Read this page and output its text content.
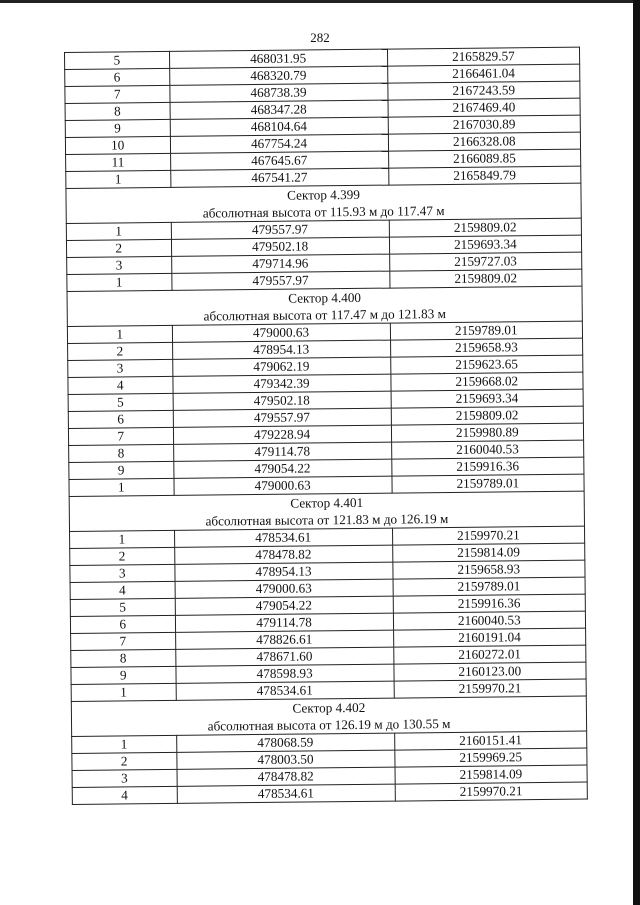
282
5	468031.95	2165829.57
6	468320.79	2166461.04
7	468738.39	2167243.59
8	468347.28	2167469.40
9	468104.64	2167030.89
10	467754.24	2166328.08
11	467645.67	2166089.85
1	467541.27	2165849.79
Сектор 4.399		
абсолютная высота от 115.93 м до 117.47 м		
1	479557.97	2159809.02
2	479502.18	2159693.34
3	479714.96	2159727.03
1	479557.97	2159809.02
Сектор 4.400		
абсолютная высота от 117.47 м до 121.83 м		
1	479000.63	2159789.01
2	478954.13	2159658.93
3	479062.19	2159623.65
4	479342.39	2159668.02
5	479502.18	2159693.34
6	479557.97	2159809.02
7	479228.94	2159980.89
8	479114.78	2160040.53
9	479054.22	2159916.36
1	479000.63	2159789.01
Сектор 4.401		
абсолютная высота от 121.83 м до 126.19 м		
1	478534.61	2159970.21
2	478478.82	2159814.09
3	478954.13	2159658.93
4	479000.63	2159789.01
5	479054.22	2159916.36
6	479114.78	2160040.53
7	478826.61	2160191.04
8	478671.60	2160272.01
9	478598.93	2160123.00
1	478534.61	2159970.21
Сектор 4.402		
абсолютная высота от 126.19 м до 130.55 м		
1	478068.59	2160151.41
2	478003.50	2159969.25
3	478478.82	2159814.09
4	478534.61	2159970.21
